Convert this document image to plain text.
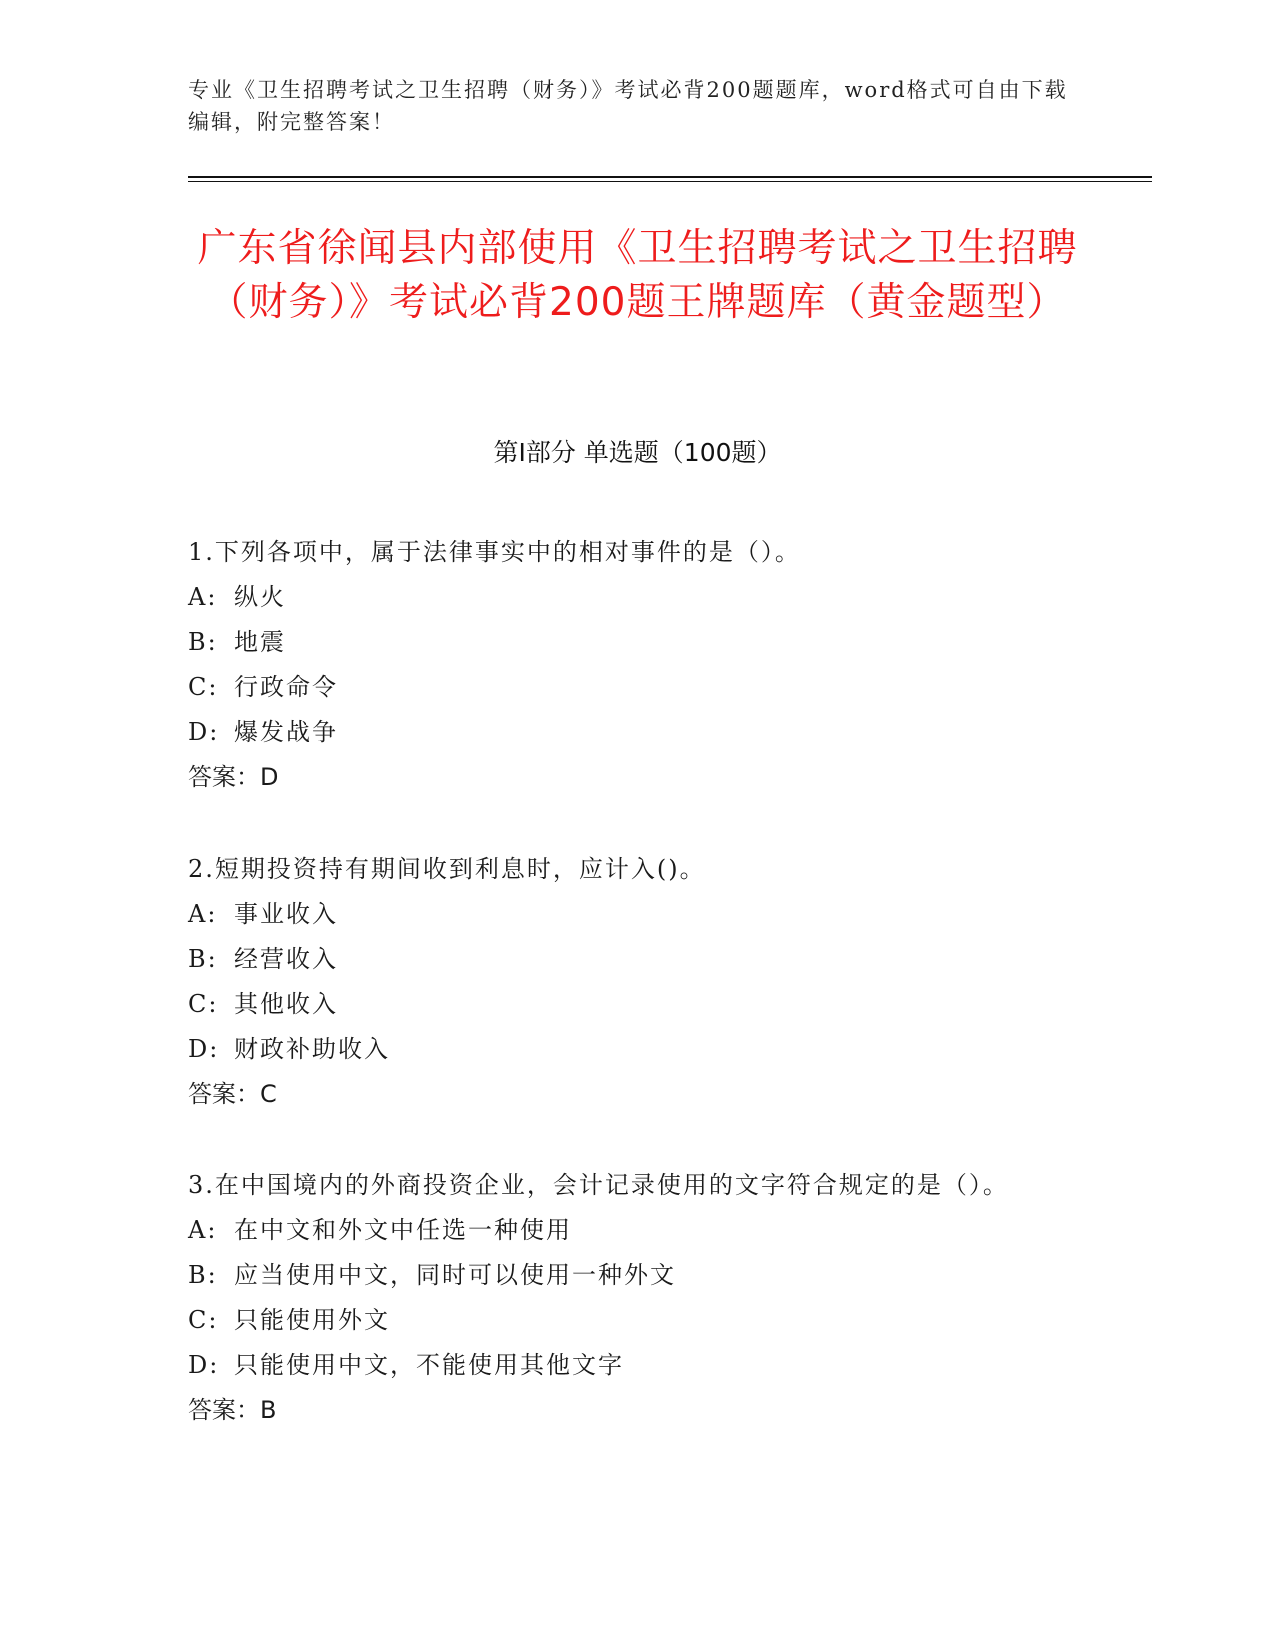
专业《卫生招聘考试之卫生招聘（财务）》考试必背200题题库，word格式可自由下载编辑，附完整答案！
广东省徐闻县内部使用《卫生招聘考试之卫生招聘（财务）》考试必背200题王牌题库（黄金题型）
第Ⅰ部分 单选题（100题）

1.下列各项中，属于法律事实中的相对事件的是（）。

A: 纵火

B: 地震

C: 行政命令

D: 爆发战争

答案：D

2.短期投资持有期间收到利息时，应计入()。

A: 事业收入

B: 经营收入

C: 其他收入

D: 财政补助收入

答案：C

3.在中国境内的外商投资企业，会计记录使用的文字符合规定的是（）。

A: 在中文和外文中任选一种使用

B: 应当使用中文，同时可以使用一种外文

C: 只能使用外文

D: 只能使用中文，不能使用其他文字

答案：B
